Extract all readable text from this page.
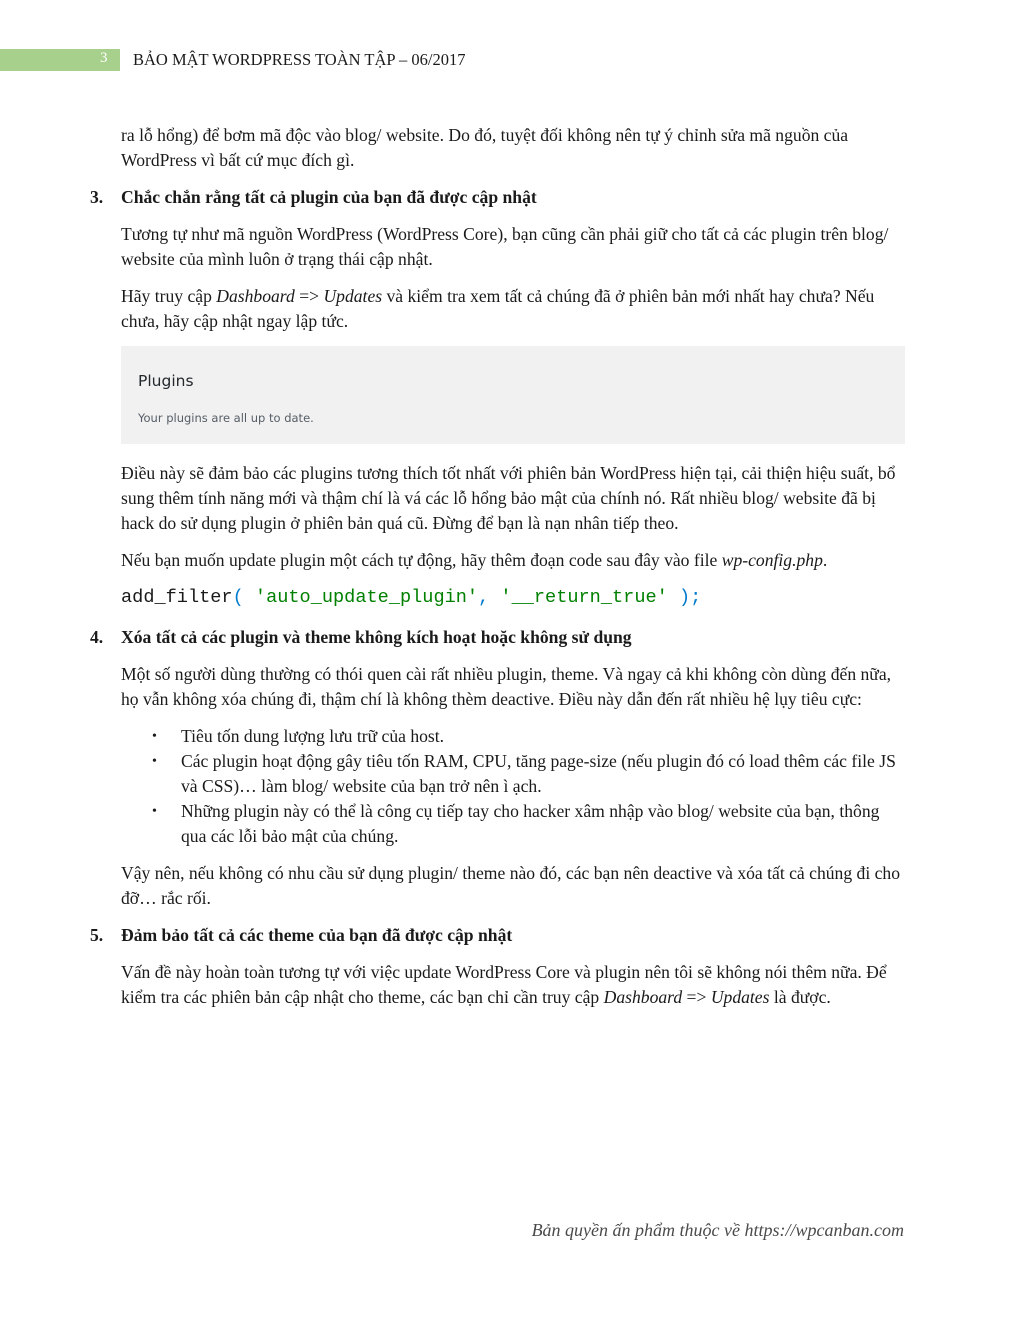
3	BẢO MẬT WORDPRESS TOÀN TẬP – 06/2017

ra lỗ hổng) để bơm mã độc vào blog/ website. Do đó, tuyệt đối không nên tự ý chỉnh sửa mã nguồn của WordPress vì bất cứ mục đích gì.

3. Chắc chắn rằng tất cả plugin của bạn đã được cập nhật

Tương tự như mã nguồn WordPress (WordPress Core), bạn cũng cần phải giữ cho tất cả các plugin trên blog/ website của mình luôn ở trạng thái cập nhật.

Hãy truy cập Dashboard => Updates và kiểm tra xem tất cả chúng đã ở phiên bản mới nhất hay chưa? Nếu chưa, hãy cập nhật ngay lập tức.

Plugins
Your plugins are all up to date.

Điều này sẽ đảm bảo các plugins tương thích tốt nhất với phiên bản WordPress hiện tại, cải thiện hiệu suất, bổ sung thêm tính năng mới và thậm chí là vá các lỗ hổng bảo mật của chính nó. Rất nhiều blog/ website đã bị hack do sử dụng plugin ở phiên bản quá cũ. Đừng để bạn là nạn nhân tiếp theo.

Nếu bạn muốn update plugin một cách tự động, hãy thêm đoạn code sau đây vào file wp-config.php.

add_filter( 'auto_update_plugin', '__return_true' );
4. Xóa tất cả các plugin và theme không kích hoạt hoặc không sử dụng

Một số người dùng thường có thói quen cài rất nhiều plugin, theme. Và ngay cả khi không còn dùng đến nữa, họ vẫn không xóa chúng đi, thậm chí là không thèm deactive. Điều này dẫn đến rất nhiều hệ lụy tiêu cực:

• Tiêu tốn dung lượng lưu trữ của host.
• Các plugin hoạt động gây tiêu tốn RAM, CPU, tăng page-size (nếu plugin đó có load thêm các file JS và CSS)… làm blog/ website của bạn trở nên ì ạch.
• Những plugin này có thể là công cụ tiếp tay cho hacker xâm nhập vào blog/ website của bạn, thông qua các lỗi bảo mật của chúng.

Vậy nên, nếu không có nhu cầu sử dụng plugin/ theme nào đó, các bạn nên deactive và xóa tất cả chúng đi cho đỡ… rắc rối.

5. Đảm bảo tất cả các theme của bạn đã được cập nhật

Vấn đề này hoàn toàn tương tự với việc update WordPress Core và plugin nên tôi sẽ không nói thêm nữa. Để kiểm tra các phiên bản cập nhật cho theme, các bạn chỉ cần truy cập Dashboard => Updates là được.

Bản quyền ấn phẩm thuộc về https://wpcanban.com
